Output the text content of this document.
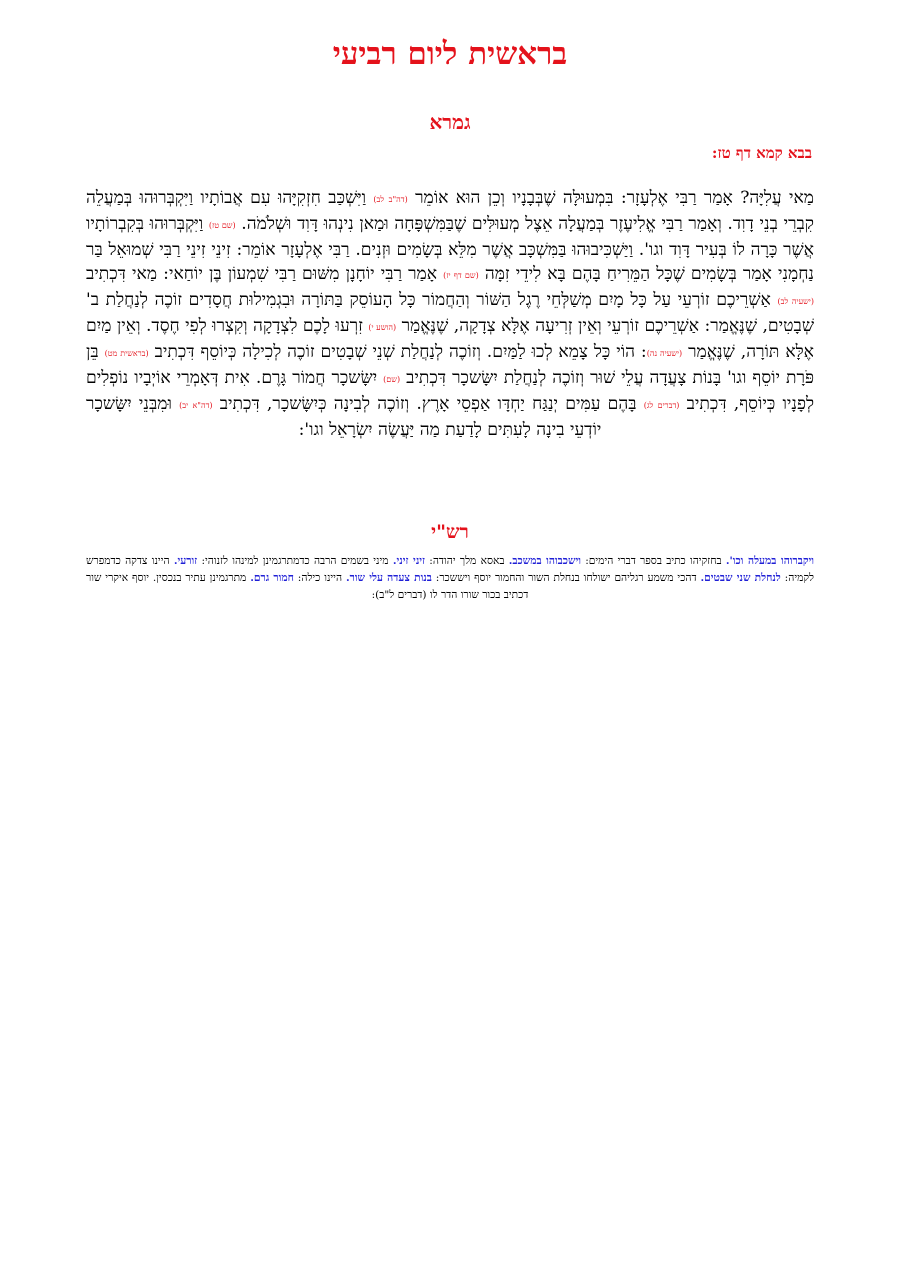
בראשית ליום רביעי
גמרא
בבא קמא דף טז:
מַאי עֲלִיָּה? אָמַר רַבִּי אֶלְעָזָר: בִּמְעוּלָּה שֶׁבְּבָנָיו וְכֵן הוּא אוֹמֵר (דה"ב לב) וַיִּשְׁכַּב חִזְקִיָּהוּ עִם אֲבוֹתָיו וַיִּקְבְּרוּהוּ בְּמַעֲלֵה קִבְרֵי בְנֵי דָוִד. וְאָמַר רַבִּי אֱלִיעֶזֶר בְּמַעֲלָה אֵצֶל מְעוּלִּים שֶׁבַּמִּשְׁפָּחָה וּמַאן נִינְהוּ דָּוִד וּשְׁלֹמֹה. (שם טז) וַיִּקְבְּרוּהוּ בְּקִבְרוֹתָיו אֲשֶׁר כָּרָה לוֹ בְּעִיר דָּוִד וגו'. וַיַּשְׁכִּיבוּהוּ בַּמִּשְׁכָּב אֲשֶׁר מִלֵּא בְּשָׂמִים וּזְנִים. רַבִּי אֶלְעָזָר אוֹמֵר: זִינֵי זִינֵי רַבִּי שְׁמוּאֵל בַּר נַחְמָנִי אָמַר בְּשָׂמִים שֶׁכָּל הַמֵּרִיחַ בָּהֶם בָּא לִידֵי זִמָּה (שם דף יז) אָמַר רַבִּי יוֹחָנָן מִשּׁוּם רַבִּי שִׁמְעוֹן בֶּן יוֹחַאי: מַאי דִּכְתִיב (ישעיה לב) אַשְׁרֵיכֶם זוֹרְעֵי עַל כָּל מָיִם מְשַׁלְּחֵי רֶגֶל הַשּׁוֹר וְהַחֲמוֹר כָּל הָעוֹסֵק בַּתּוֹרָה וּבִגְמִילוּת חֲסָדִים זוֹכֶה לְנַחֲלַת ב' שְׁבָטִים, שֶׁנֶּאֱמַר: אַשְׁרֵיכֶם זוֹרְעֵי וְאֵין זְרִיעָה אֶלָּא צְדָקָה, שֶׁנֶּאֱמַר (הושע י) זִרְעוּ לָכֶם לִצְדָקָה וְקִצְרוּ לְפִי חֶסֶד. וְאֵין מַיִם אֶלָּא תּוֹרָה, שֶׁנֶּאֱמַר (ישעיה נה): הוֹי כָּל צָמֵא לְכוּ לַמַּיִם. וְזוֹכֶה לְנַחֲלַת שְׁנֵי שְׁבָטִים זוֹכֶה לְכִילָה כְּיוֹסֵף דִּכְתִיב (בראשית מט) בֵּן פֹּרָת יוֹסֵף וגו' בָּנוֹת צָעֲדָה עֲלֵי שׁוּר וְזוֹכֶה לְנַחֲלַת יִשָּׂשכָר דִּכְתִיב (שם) יִשָּׂשכָר חֲמוֹר גָּרֶם. אִית דְּאָמְרֵי אוֹיְבָיו נוֹפְלִים לְפָנָיו כְּיוֹסֵף, דִּכְתִיב (דברים לג) בָּהֶם עַמִּים יְנַגַּח יַחְדָּו אַפְסֵי אָרֶץ. וְזוֹכֶה לְבִינָה כְּיִשָּׂשכָר, דִּכְתִיב (דה"א יב) וּמִבְּנֵי יִשָּׂשכָר יוֹדְעֵי בִינָה לָעִתִּים לָדַעַת מַה יַּעֲשֶׂה יִשְׂרָאֵל וגו':
רש"י
ויקברוהו במעלה וכו'. בחזקיהו כתיב בספר דברי הימים: וישכבוהו במשכב. באסא מלך יהודה: זיני זיני. מיני בשמים הרבה כדמתרגמינן למינהו לזנוהי: זורעי. היינו צדקה כדמפרש לקמיה: לנחלת שני שבטים. דהכי משמע רגליהם ישולחו בנחלת השור והחמור יוסף ויששכר: בנות צעדה עלי שור. היינו כילה: חמור גרם. מתרגמינן עתיר בנכסין. יוסף איקרי שור דכתיב בכור שורו הדר לו (דברים ל"ב):
